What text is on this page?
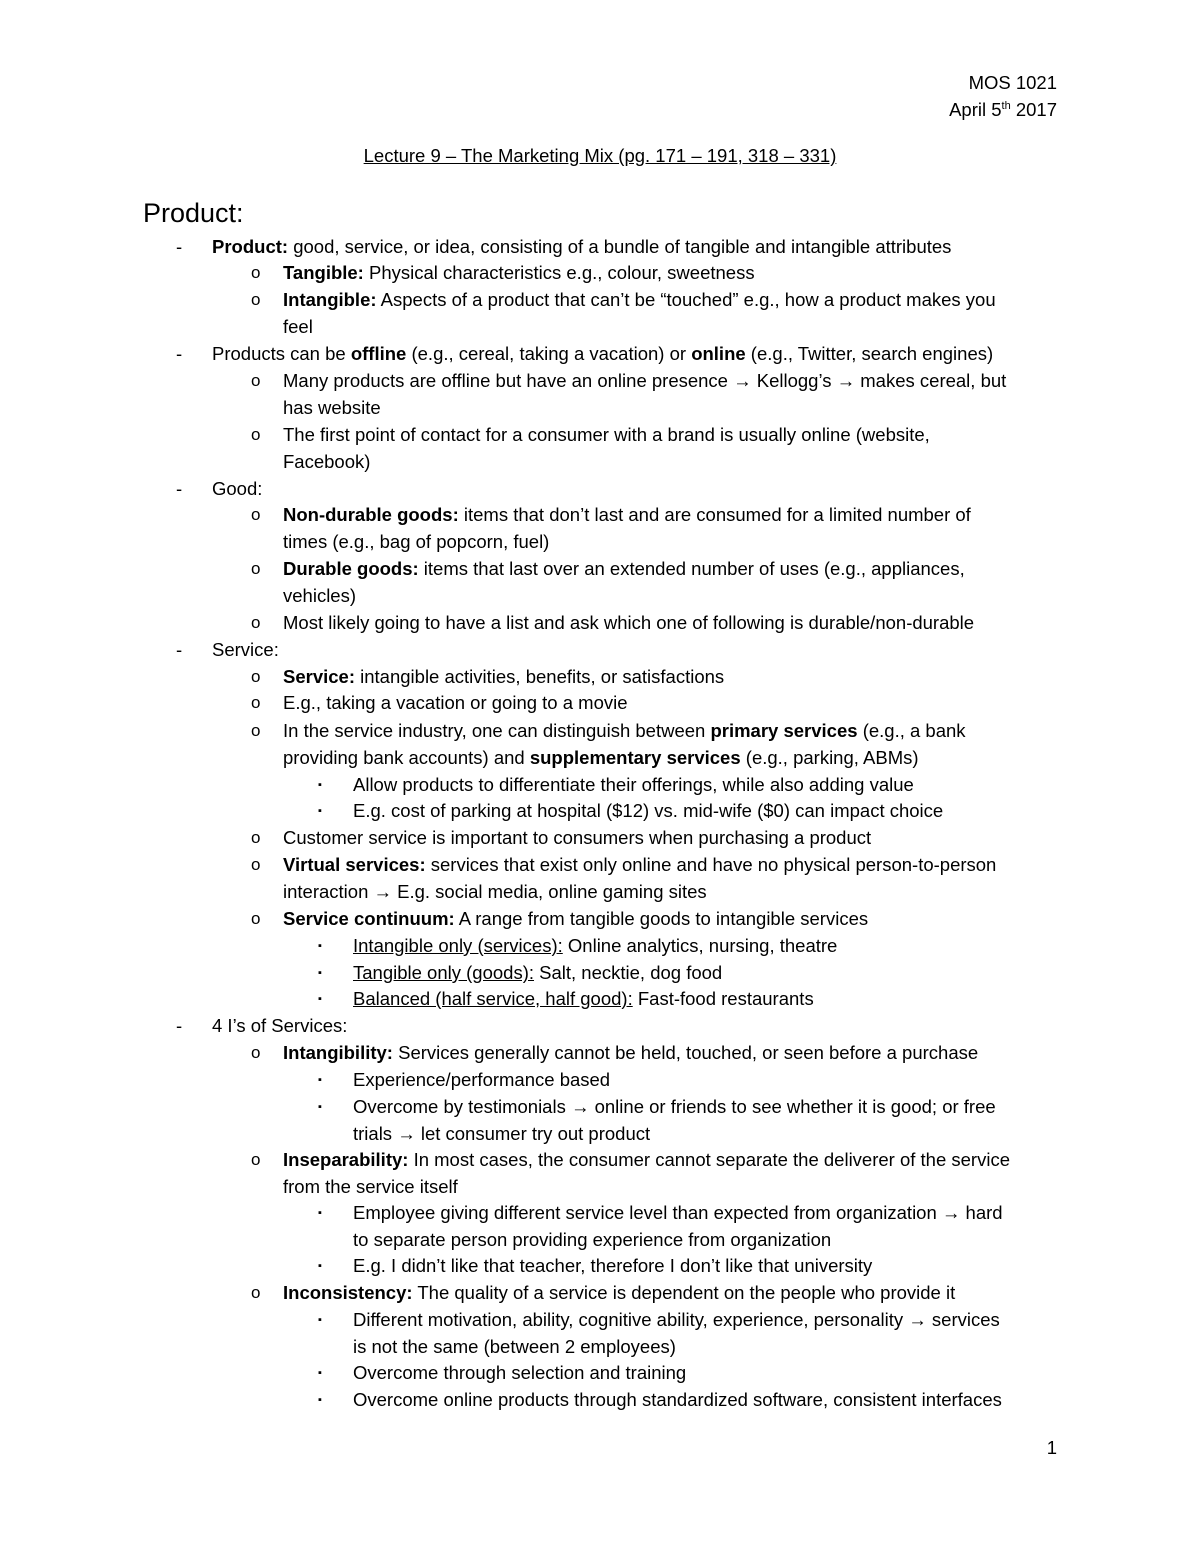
MOS 1021
April 5th 2017
Lecture 9 – The Marketing Mix (pg. 171 – 191, 318 – 331)
Product:
- Product: good, service, or idea, consisting of a bundle of tangible and intangible attributes
o Tangible: Physical characteristics e.g., colour, sweetness
o Intangible: Aspects of a product that can’t be “touched” e.g., how a product makes you
feel
- Products can be offline (e.g., cereal, taking a vacation) or online (e.g., Twitter, search engines)
o Many products are offline but have an online presence → Kellogg’s → makes cereal, but
has website
o The first point of contact for a consumer with a brand is usually online (website,
Facebook)
- Good:
o Non-durable goods: items that don’t last and are consumed for a limited number of
times (e.g., bag of popcorn, fuel)
o Durable goods: items that last over an extended number of uses (e.g., appliances,
vehicles)
o Most likely going to have a list and ask which one of following is durable/non-durable
- Service:
o Service: intangible activities, benefits, or satisfactions
o E.g., taking a vacation or going to a movie
o In the service industry, one can distinguish between primary services (e.g., a bank
providing bank accounts) and supplementary services (e.g., parking, ABMs)
▪ Allow products to differentiate their offerings, while also adding value
▪ E.g. cost of parking at hospital ($12) vs. mid-wife ($0) can impact choice
o Customer service is important to consumers when purchasing a product
o Virtual services: services that exist only online and have no physical person-to-person
interaction → E.g. social media, online gaming sites
o Service continuum: A range from tangible goods to intangible services
▪ Intangible only (services): Online analytics, nursing, theatre
▪ Tangible only (goods): Salt, necktie, dog food
▪ Balanced (half service, half good): Fast-food restaurants
- 4 I’s of Services:
o Intangibility: Services generally cannot be held, touched, or seen before a purchase
▪ Experience/performance based
▪ Overcome by testimonials → online or friends to see whether it is good; or free
trials → let consumer try out product
o Inseparability: In most cases, the consumer cannot separate the deliverer of the service
from the service itself
▪ Employee giving different service level than expected from organization → hard
to separate person providing experience from organization
▪ E.g. I didn’t like that teacher, therefore I don’t like that university
o Inconsistency: The quality of a service is dependent on the people who provide it
▪ Different motivation, ability, cognitive ability, experience, personality → services
is not the same (between 2 employees)
▪ Overcome through selection and training
▪ Overcome online products through standardized software, consistent interfaces
1
